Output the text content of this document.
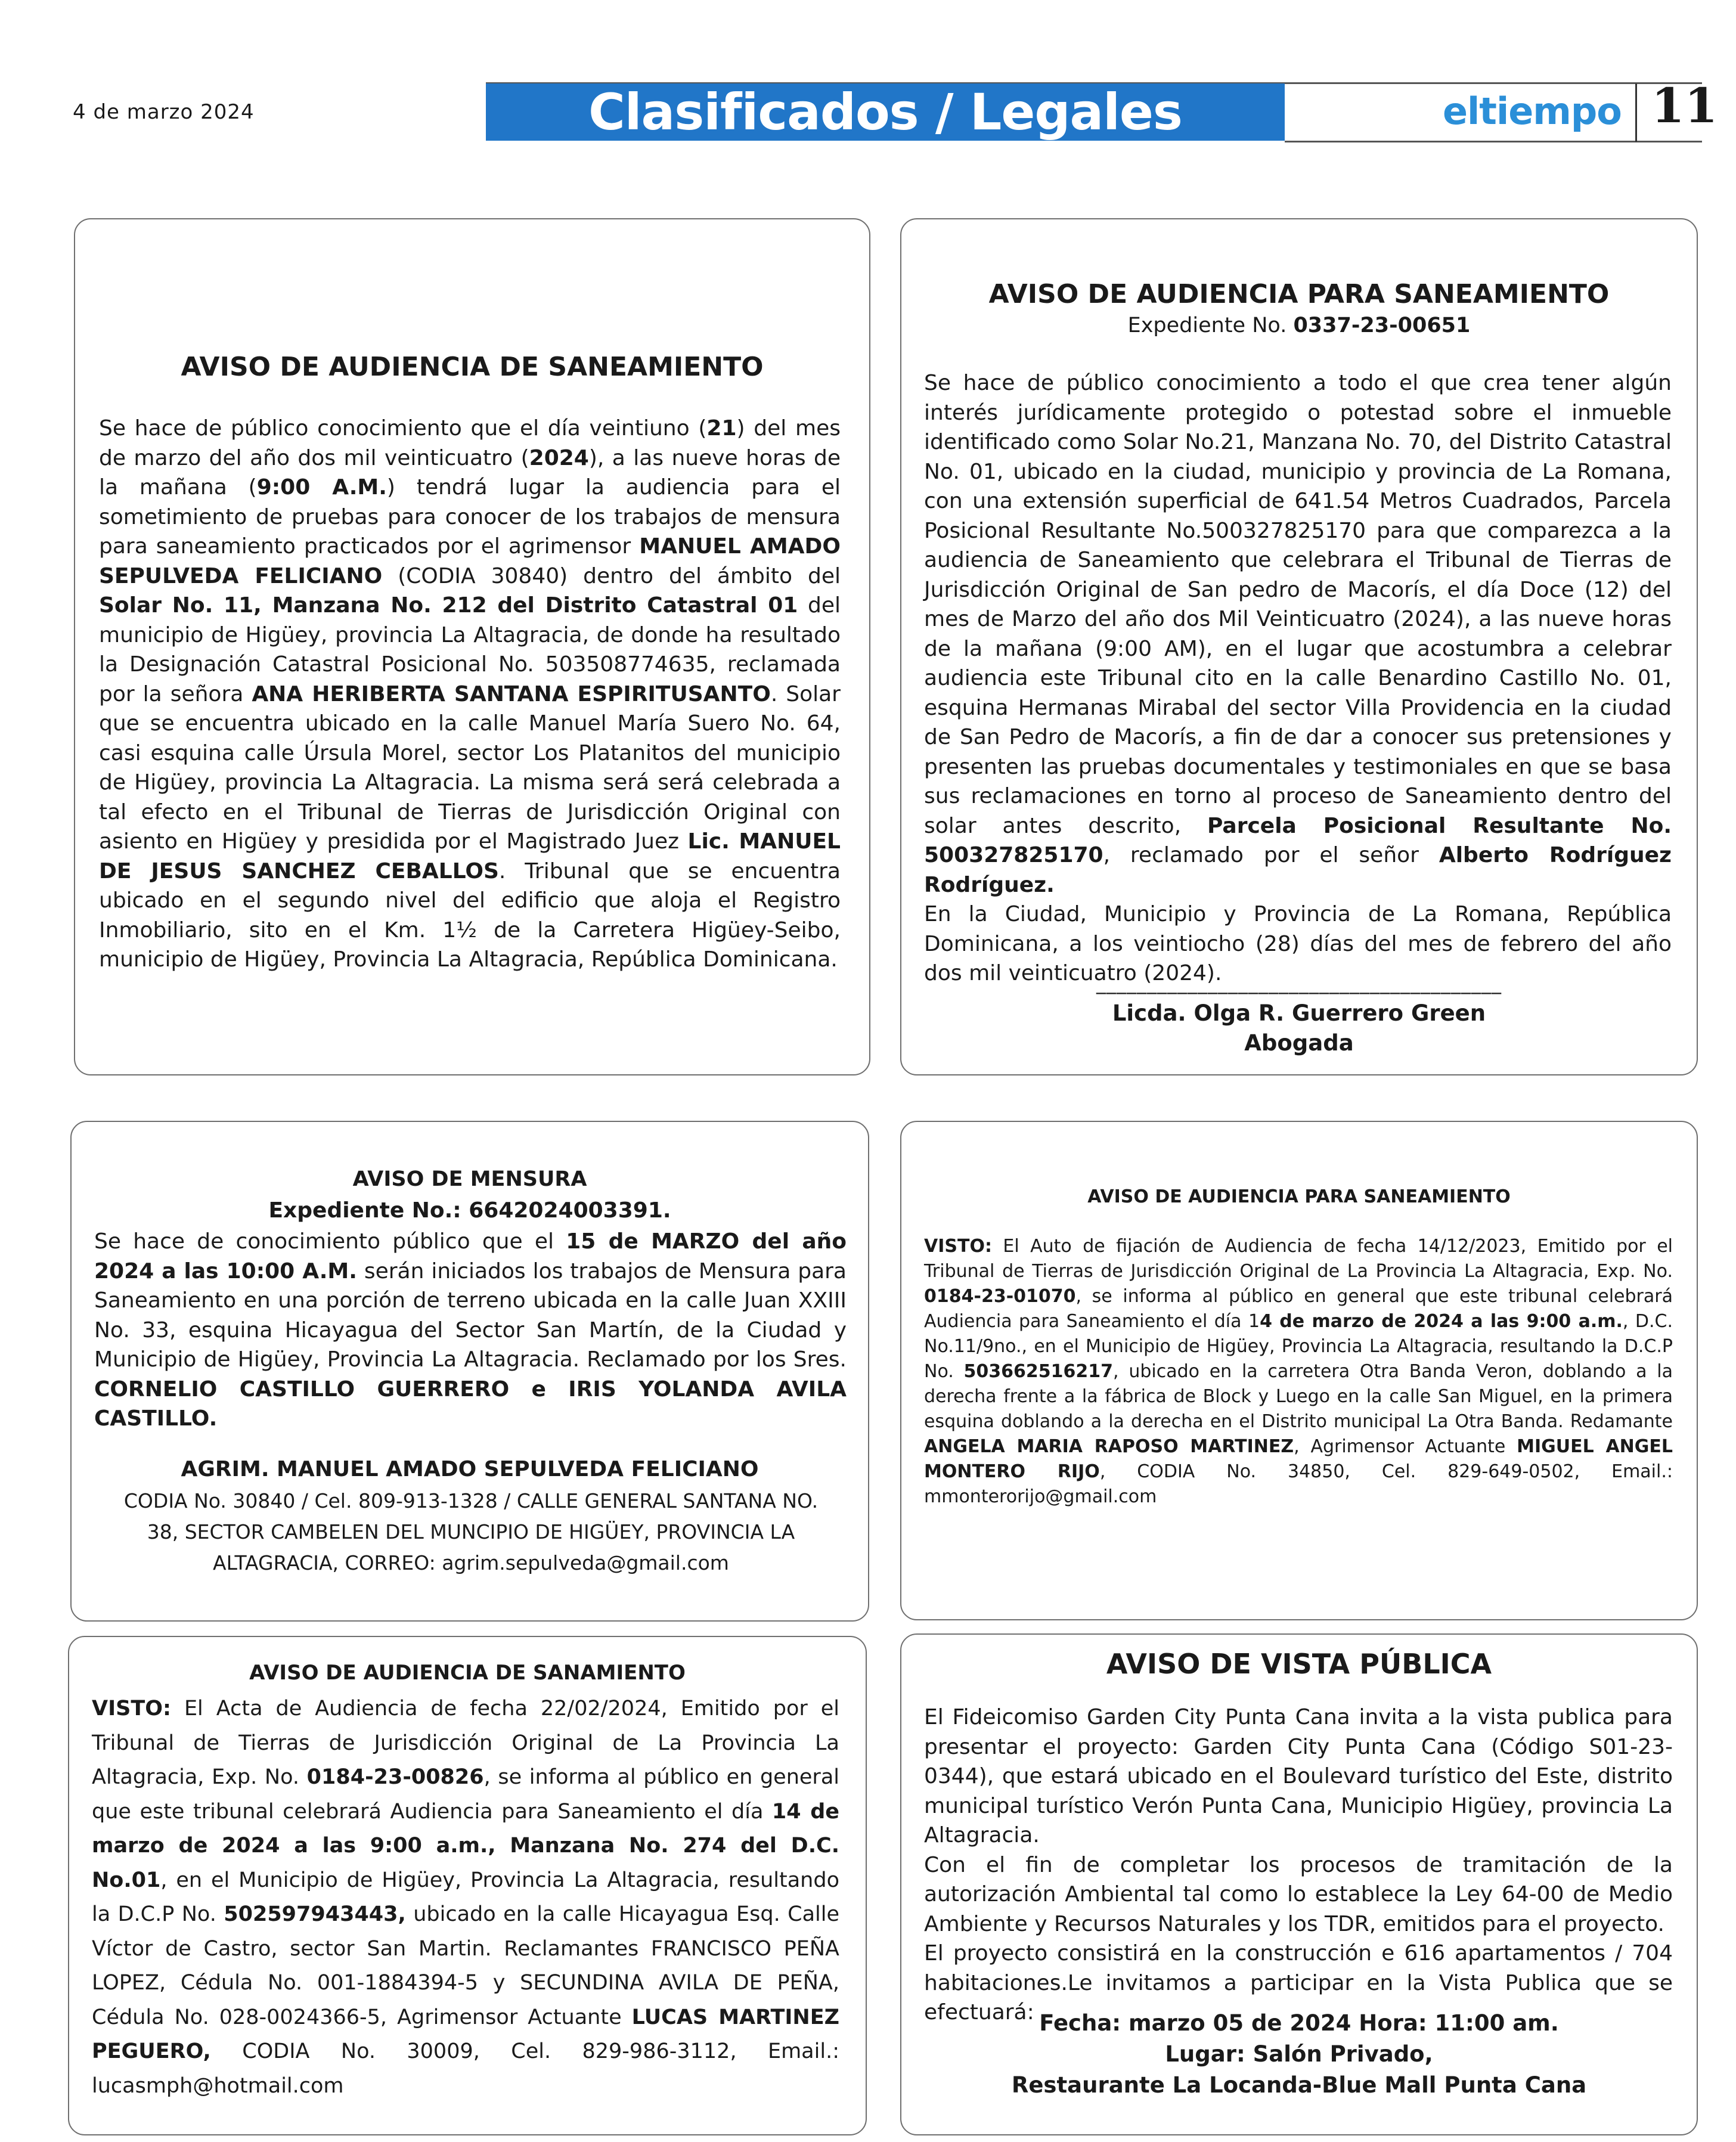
4 de marzo 2024	Clasificados / Legales	eltiempo 11
AVISO DE AUDIENCIA DE SANEAMIENTO

Se hace de público conocimiento que el día veintiuno (21) del mes de marzo del año dos mil veinticuatro (2024), a las nueve horas de la mañana (9:00 A.M.) tendrá lugar la audiencia para el sometimiento de pruebas para conocer de los trabajos de mensura para saneamiento practicados por el agrimensor MANUEL AMADO SEPULVEDA FELICIANO (CODIA 30840) dentro del ámbito del Solar No. 11, Manzana No. 212 del Distrito Catastral 01 del municipio de Higüey, provincia La Altagracia, de donde ha resultado la Designación Catastral Posicional No. 503508774635, reclamada por la señora ANA HERIBERTA SANTANA ESPIRITUSANTO. Solar que se encuentra ubicado en la calle Manuel María Suero No. 64, casi esquina calle Úrsula Morel, sector Los Platanitos del municipio de Higüey, provincia La Altagracia. La misma será será celebrada a tal efecto en el Tribunal de Tierras de Jurisdicción Original con asiento en Higüey y presidida por el Magistrado Juez Lic. MANUEL DE JESUS SANCHEZ CEBALLOS. Tribunal que se encuentra ubicado en el segundo nivel del edificio que aloja el Registro Inmobiliario, sito en el Km. 1½ de la Carretera Higüey-Seibo, municipio de Higüey, Provincia La Altagracia, República Dominicana.

AVISO DE AUDIENCIA PARA SANEAMIENTO
Expediente No. 0337-23-00651

Se hace de público conocimiento a todo el que crea tener algún interés jurídicamente protegido o potestad sobre el inmueble identificado como Solar No.21, Manzana No. 70, del Distrito Catastral No. 01, ubicado en la ciudad, municipio y provincia de La Romana, con una extensión superficial de 641.54 Metros Cuadrados, Parcela Posicional Resultante No.500327825170 para que comparezca a la audiencia de Saneamiento que celebrara el Tribunal de Tierras de Jurisdicción Original de San pedro de Macorís, el día Doce (12) del mes de Marzo del año dos Mil Veinticuatro (2024), a las nueve horas de la mañana (9:00 AM), en el lugar que acostumbra a celebrar audiencia este Tribunal cito en la calle Benardino Castillo No. 01, esquina Hermanas Mirabal del sector Villa Providencia en la ciudad de San Pedro de Macorís, a fin de dar a conocer sus pretensiones y presenten las pruebas documentales y testimoniales en que se basa sus reclamaciones en torno al proceso de Saneamiento dentro del solar antes descrito, Parcela Posicional Resultante No. 500327825170, reclamado por el señor Alberto Rodríguez Rodríguez.
En la Ciudad, Municipio y Provincia de La Romana, República Dominicana, a los veintiocho (28) días del mes de febrero del año dos mil veinticuatro (2024).

________________________________________
Licda. Olga R. Guerrero Green
Abogada
AVISO DE MENSURA
Expediente No.: 6642024003391.

Se hace de conocimiento público que el 15 de MARZO del año 2024 a las 10:00 A.M. serán iniciados los trabajos de Mensura para Saneamiento en una porción de terreno ubicada en la calle Juan XXIII No. 33, esquina Hicayagua del Sector San Martín, de la Ciudad y Municipio de Higüey, Provincia La Altagracia. Reclamado por los Sres. CORNELIO CASTILLO GUERRERO e IRIS YOLANDA AVILA CASTILLO.

AGRIM. MANUEL AMADO SEPULVEDA FELICIANO

CODIA No. 30840 / Cel. 809-913-1328 / CALLE GENERAL SANTANA NO. 38, SECTOR CAMBELEN DEL MUNCIPIO DE HIGÜEY, PROVINCIA LA ALTAGRACIA, CORREO: agrim.sepulveda@gmail.com

AVISO DE AUDIENCIA PARA SANEAMIENTO

VISTO: El Auto de fijación de Audiencia de fecha 14/12/2023, Emitido por el Tribunal de Tierras de Jurisdicción Original de La Provincia La Altagracia, Exp. No. 0184-23-01070, se informa al público en general que este tribunal celebrará Audiencia para Saneamiento el día 14 de marzo de 2024 a las 9:00 a.m., D.C. No.11/9no., en el Municipio de Higüey, Provincia La Altagracia, resultando la D.C.P No. 503662516217, ubicado en la carretera Otra Banda Veron, doblando a la derecha frente a la fábrica de Block y Luego en la calle San Miguel, en la primera esquina doblando a la derecha en el Distrito municipal La Otra Banda. Redamante ANGELA MARIA RAPOSO MARTINEZ, Agrimensor Actuante MIGUEL ANGEL MONTERO RIJO, CODIA No. 34850, Cel. 829-649-0502, Email.: mmonterorijo@gmail.com

AVISO DE AUDIENCIA DE SANAMIENTO

VISTO: El Acta de Audiencia de fecha 22/02/2024, Emitido por el Tribunal de Tierras de Jurisdicción Original de La Provincia La Altagracia, Exp. No. 0184-23-00826, se informa al público en general que este tribunal celebrará Audiencia para Saneamiento el día 14 de marzo de 2024 a las 9:00 a.m., Manzana No. 274 del D.C. No.01, en el Municipio de Higüey, Provincia La Altagracia, resultando la D.C.P No. 502597943443, ubicado en la calle Hicayagua Esq. Calle Víctor de Castro, sector San Martin. Reclamantes FRANCISCO PEÑA LOPEZ, Cédula No. 001-1884394-5 y SECUNDINA AVILA DE PEÑA, Cédula No. 028-0024366-5, Agrimensor Actuante LUCAS MARTINEZ PEGUERO, CODIA No. 30009, Cel. 829-986-3112, Email.: lucasmph@hotmail.com

AVISO DE VISTA PÚBLICA

El Fideicomiso Garden City Punta Cana invita a la vista publica para presentar el proyecto: Garden City Punta Cana (Código S01-23-0344), que estará ubicado en el Boulevard turístico del Este, distrito municipal turístico Verón Punta Cana, Municipio Higüey, provincia La Altagracia.

Con el fin de completar los procesos de tramitación de la autorización Ambiental tal como lo establece la Ley 64-00 de Medio Ambiente y Recursos Naturales y los TDR, emitidos para el proyecto.

El proyecto consistirá en la construcción e 616 apartamentos / 704 habitaciones.Le invitamos a participar en la Vista Publica que se efectuará: Fecha: marzo 05 de 2024 Hora: 11:00 am.
Lugar: Salón Privado,
Restaurante La Locanda-Blue Mall Punta Cana
